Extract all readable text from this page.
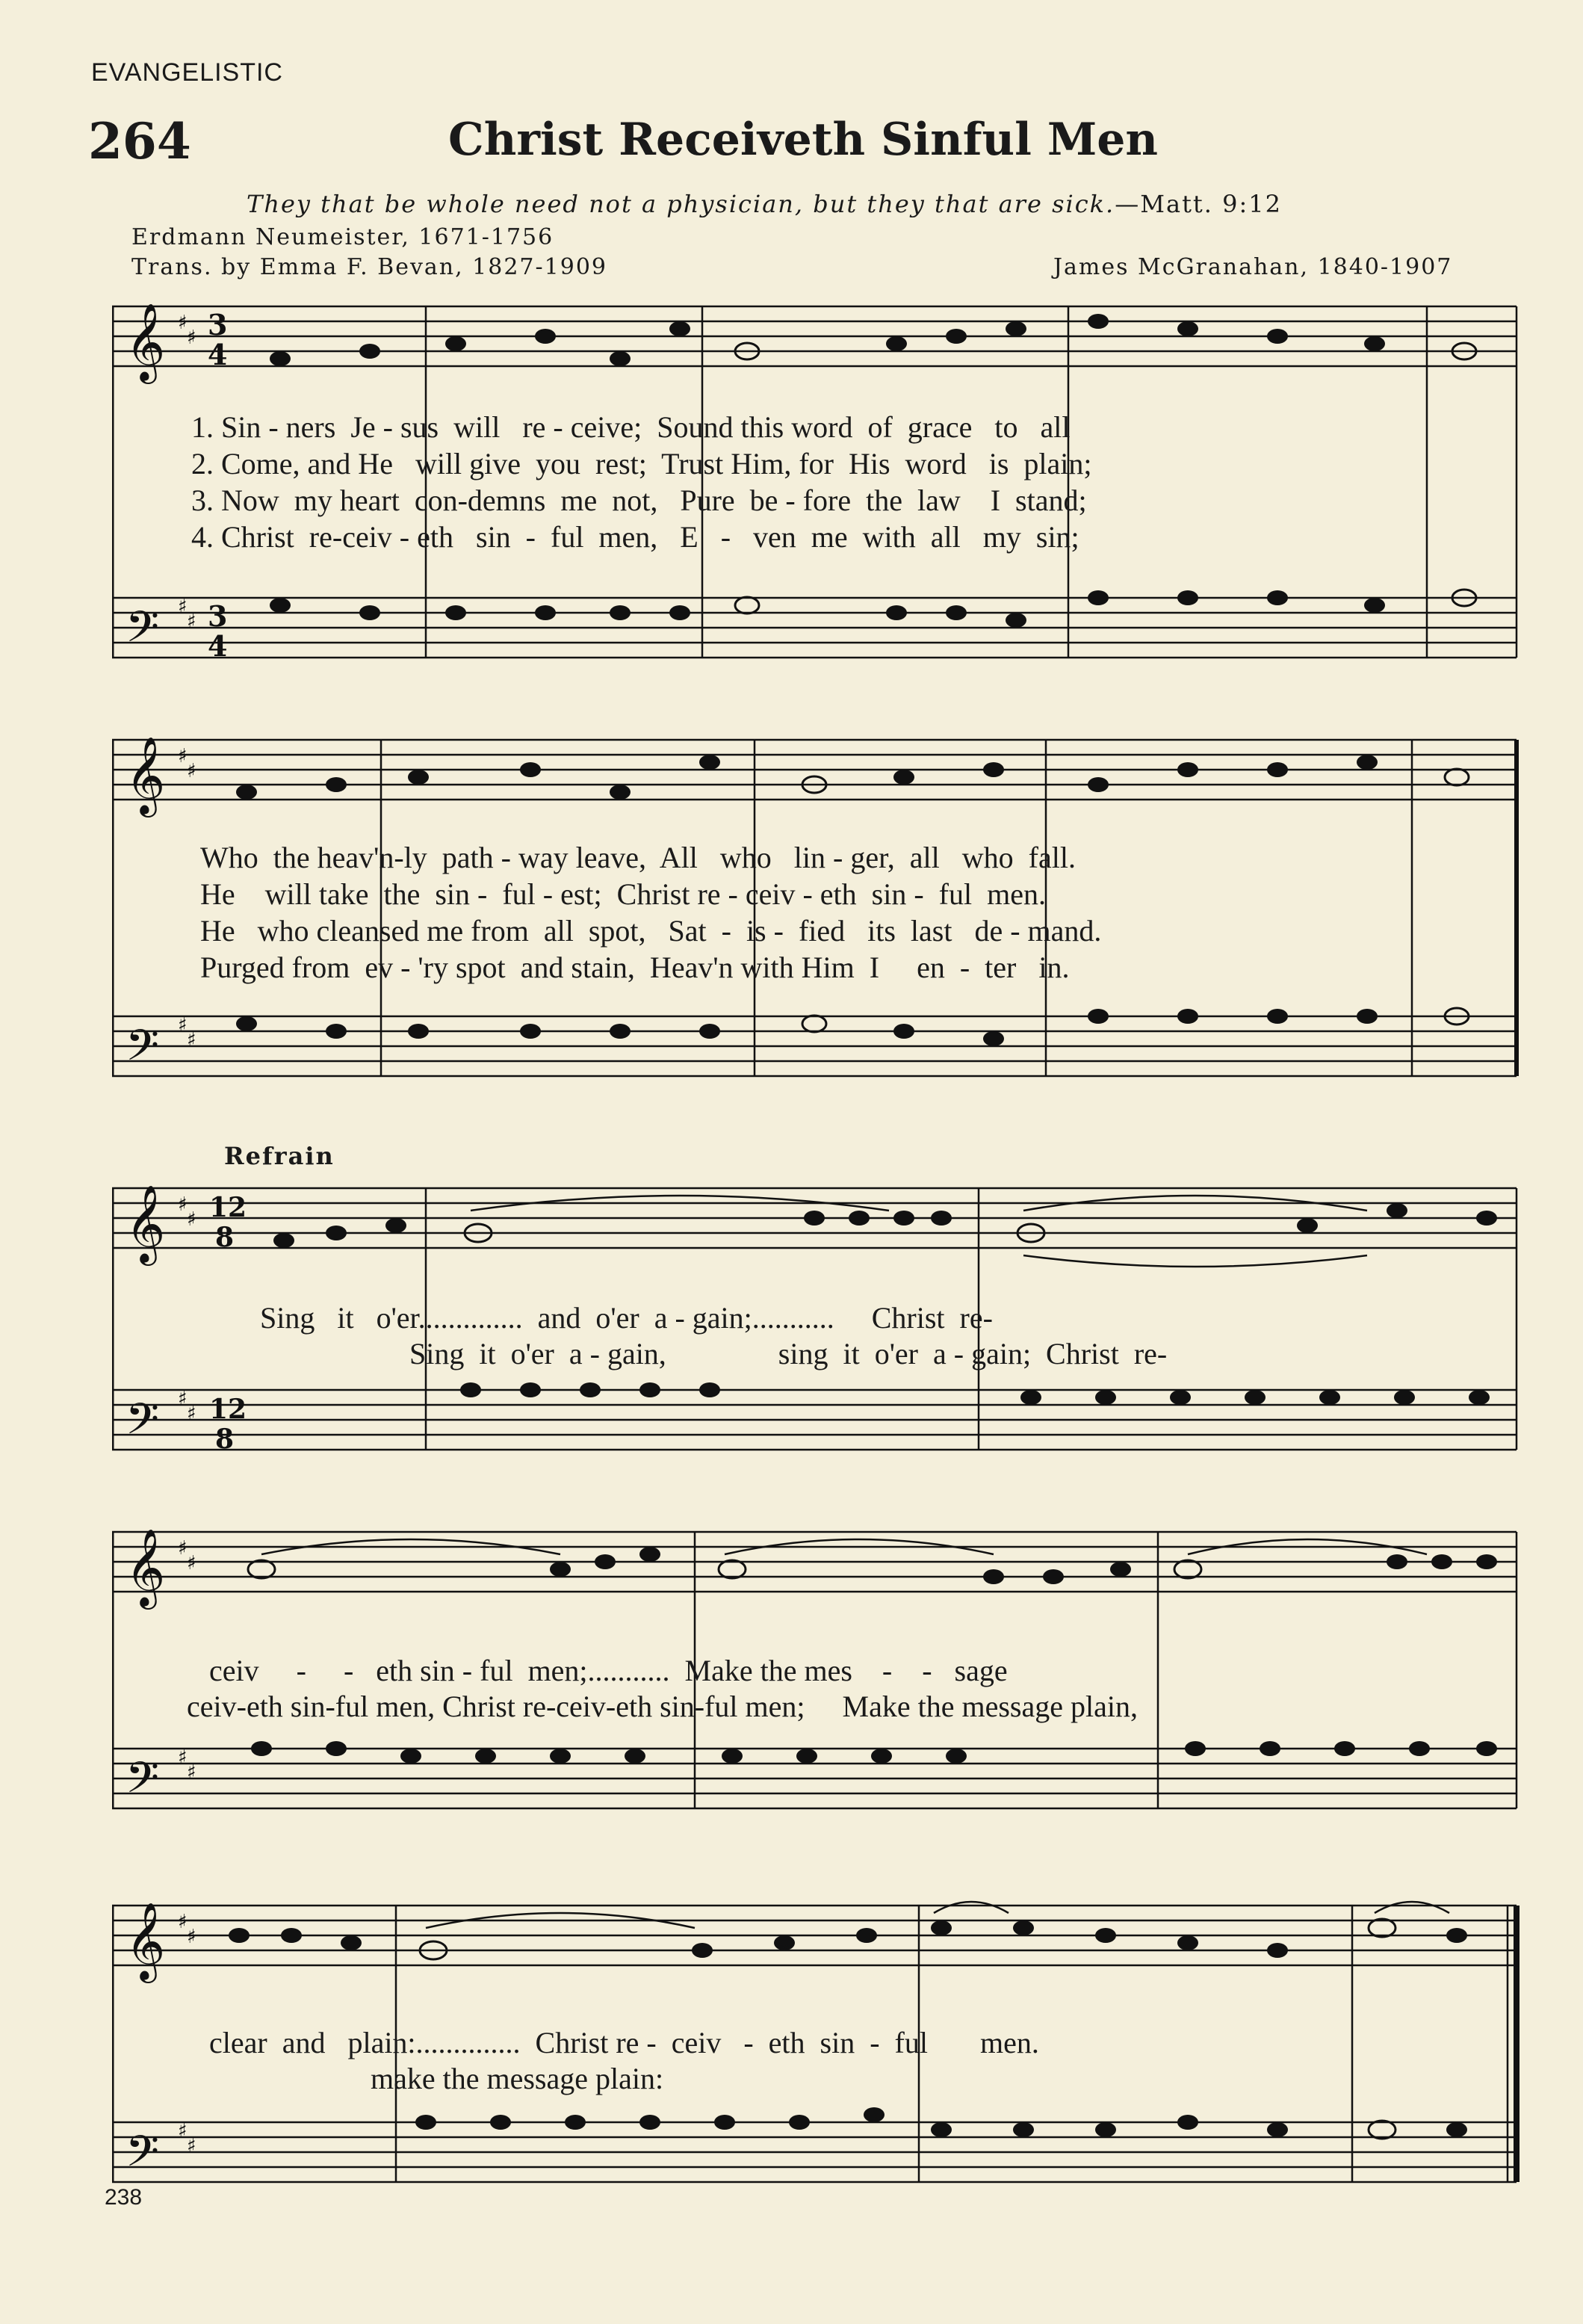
EVANGELISTIC
264	Christ Receiveth Sinful Men
They that be whole need not a physician, but they that are sick.—Matt. 9:12
Erdmann Neumeister, 1671-1756
Trans. by Emma F. Bevan, 1827-1909	James McGranahan, 1840-1907
𝄞
𝄢
♯
♯
♯
♯
3
4
3
4
1. Sin - ners  Je - sus  will   re - ceive;  Sound this word  of  grace   to   all
2. Come, and He   will give  you  rest;  Trust Him, for  His  word   is  plain;
3. Now  my heart  con-demns  me  not,   Pure  be - fore  the  law    I  stand;
4. Christ  re-ceiv - eth   sin  -  ful  men,   E   -   ven  me  with  all   my  sin;
𝄞
𝄢
♯
♯
♯
♯
Who  the heav'n-ly  path - way leave,  All   who   lin - ger,  all   who  fall.
He    will take  the  sin -  ful - est;  Christ re - ceiv - eth  sin -  ful  men.
He   who cleansed me from  all  spot,   Sat  -  is -  fied   its  last   de - mand.
Purged from  ev - 'ry spot  and stain,  Heav'n with Him  I     en  -  ter   in.
Refrain
𝄞
𝄢
♯
♯
♯
♯
12
8
12
8
Sing   it   o'er..............  and  o'er  a - gain;...........     Christ  re-
Sing  it  o'er  a - gain,               sing  it  o'er  a - gain;  Christ  re-
𝄞
𝄢
♯
♯
♯
♯
ceiv     -     -   eth sin - ful  men;...........  Make the mes    -    -   sage
ceiv-eth sin-ful men, Christ re-ceiv-eth sin-ful men;     Make the message plain,
𝄞
𝄢
♯
♯
♯
♯
clear  and   plain:..............  Christ re -  ceiv   -  eth  sin  -  ful       men.
make the message plain:
238
